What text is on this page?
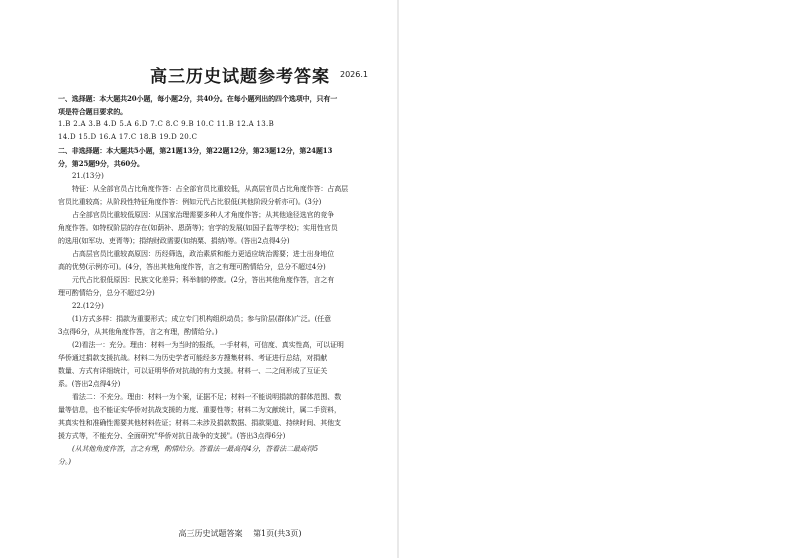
高三历史试题参考答案	2026.1

一、选择题：本大题共20小题，每小题2分，共40分。在每小题列出的四个选项中，只有一

项是符合题目要求的。

1.B 2.A 3.B 4.D 5.A 6.D 7.C 8.C 9.B 10.C 11.B 12.A 13.B

14.D 15.D 16.A 17.C 18.B 19.D 20.C

二、非选择题：本大题共5小题，第21题13分，第22题12分，第23题12分，第24题13

分，第25题9分，共60分。

21.(13分)

特征：从全部官员占比角度作答：占全部官员比重较低，从高层官员占比角度作答：占高层

官员比重较高；从阶段性特征角度作答：例如元代占比很低(其他阶段分析亦可)。(3分)

占全部官员比重较低原因：从国家治理需要多种人才角度作答；从其他途径选官的竞争

角度作答。如特权阶层的存在(如荫补、恩荫等)；官学的发展(如国子监等学校)；实用性官员

的选用(如军功、吏胥等)；捐纳财政需要(如纳粟、捐纳)等。(答出2点得4分)

占高层官员比重较高原因：历经筛选，政治素质和能力更适应统治需要；进士出身地位

高的优势(示例亦可)。(4分，答出其他角度作答，言之有理可酌情给分，总分不超过4分)

元代占比很低原因：民族文化差异；科举制的停废。(2分，答出其他角度作答，言之有

理可酌情给分，总分不超过2分)

22.(12分)

(1)方式多样：捐款为重要形式；成立专门机构组织动员；参与阶层(群体)广泛。(任意

3点得6分，从其他角度作答，言之有理，酌情给分。)

(2)看法一：充分。理由：材料一为当时的报纸，一手材料，可信度、真实性高，可以证明

华侨通过捐款支援抗战。材料二为历史学者可能经多方搜集材料、考证进行总结，对捐献

数量、方式有详细统计，可以证明华侨对抗战的有力支援。材料一、二之间形成了互证关

系。(答出2点得4分)

看法二：不充分。理由：材料一为个案，证据不足；材料一不能说明捐款的群体范围、数

量等信息，也不能证实华侨对抗战支援的力度、重要性等；材料二为文献统计，属二手资料，

其真实性和准确性需要其他材料佐证；材料二未涉及捐款数据、捐款渠道、持续时间、其他支

援方式等，不能充分、全面研究"华侨对抗日战争的支援"。(答出3点得6分)

(从其他角度作答，言之有理，酌情给分。答看法一最高得4分，答看法二最高得5

分。)

高三历史试题答案 第1页(共3页)
